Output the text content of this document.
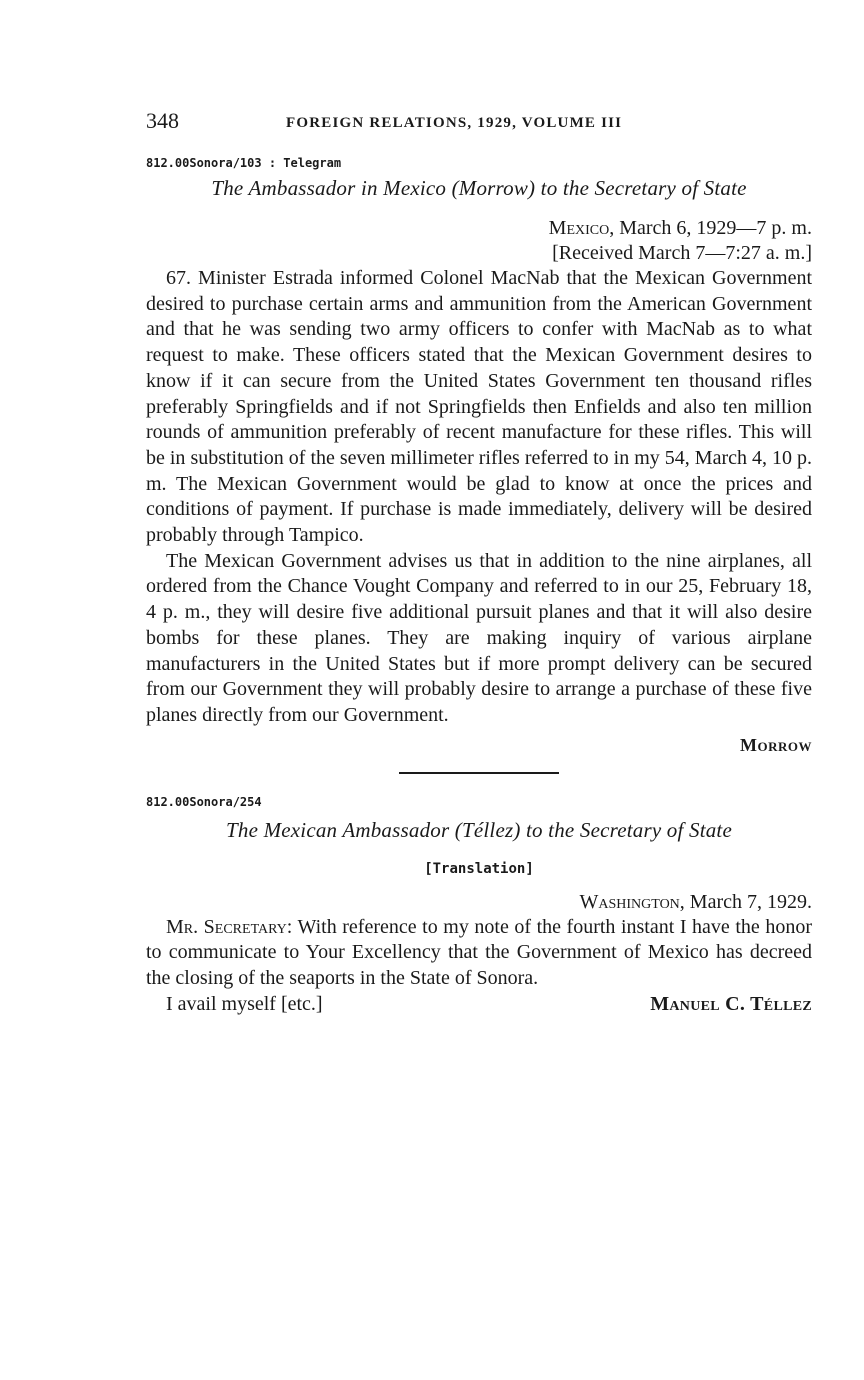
348	FOREIGN RELATIONS, 1929, VOLUME III
812.00Sonora/103 : Telegram

The Ambassador in Mexico (Morrow) to the Secretary of State

Mexico, March 6, 1929—7 p. m.

[Received March 7—7:27 a. m.]

67. Minister Estrada informed Colonel MacNab that the Mexican Government desired to purchase certain arms and ammunition from the American Government and that he was sending two army officers to confer with MacNab as to what request to make. These officers stated that the Mexican Government desires to know if it can secure from the United States Government ten thousand rifles preferably Springfields and if not Springfields then Enfields and also ten million rounds of ammunition preferably of recent manufacture for these rifles. This will be in substitution of the seven millimeter rifles referred to in my 54, March 4, 10 p. m. The Mexican Government would be glad to know at once the prices and conditions of payment. If purchase is made immediately, delivery will be desired probably through Tampico.

The Mexican Government advises us that in addition to the nine airplanes, all ordered from the Chance Vought Company and referred to in our 25, February 18, 4 p. m., they will desire five additional pursuit planes and that it will also desire bombs for these planes. They are making inquiry of various airplane manufacturers in the United States but if more prompt delivery can be secured from our Government they will probably desire to arrange a purchase of these five planes directly from our Government.

Morrow

812.00Sonora/254

The Mexican Ambassador (Téllez) to the Secretary of State

[Translation]

Washington, March 7, 1929.

Mr. Secretary: With reference to my note of the fourth instant I have the honor to communicate to Your Excellency that the Government of Mexico has decreed the closing of the seaports in the State of Sonora.

I avail myself [etc.]	Manuel C. Téllez
